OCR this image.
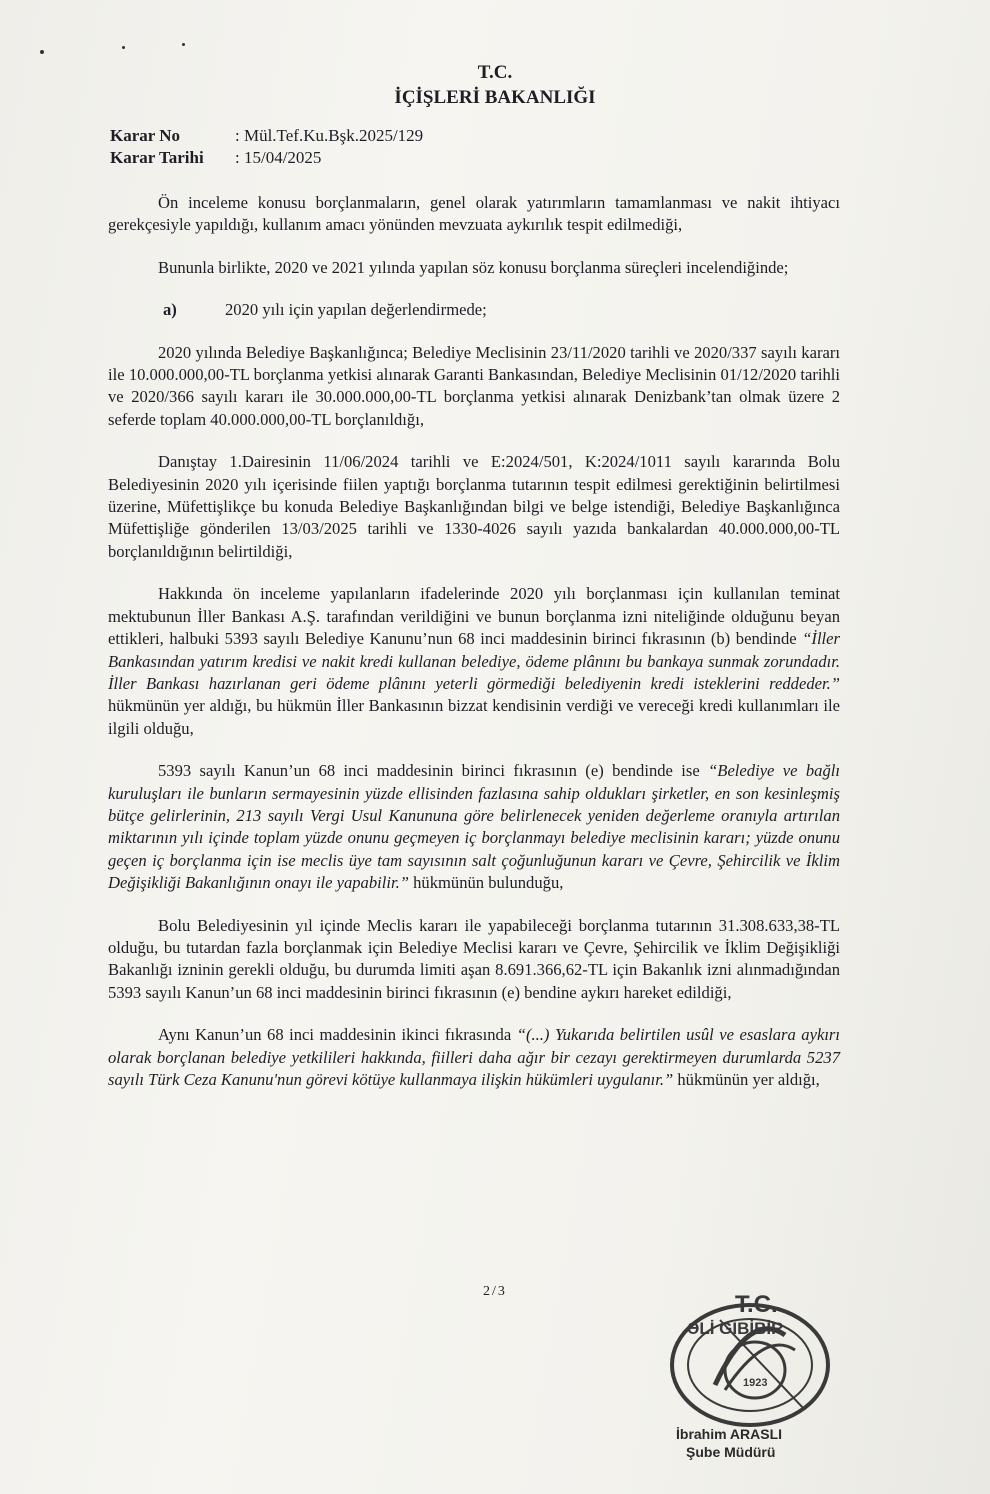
T.C.
İÇİŞLERİ BAKANLIĞI
Karar No	: Mül.Tef.Ku.Bşk.2025/129
Karar Tarihi	: 15/04/2025

Ön inceleme konusu borçlanmaların, genel olarak yatırımların tamamlanması ve nakit ihtiyacı gerekçesiyle yapıldığı, kullanım amacı yönünden mevzuata aykırılık tespit edilmediği,

Bununla birlikte, 2020 ve 2021 yılında yapılan söz konusu borçlanma süreçleri incelendiğinde;

a)	2020 yılı için yapılan değerlendirmede;

2020 yılında Belediye Başkanlığınca; Belediye Meclisinin 23/11/2020 tarihli ve 2020/337 sayılı kararı ile 10.000.000,00-TL borçlanma yetkisi alınarak Garanti Bankasından, Belediye Meclisinin 01/12/2020 tarihli ve 2020/366 sayılı kararı ile 30.000.000,00-TL borçlanma yetkisi alınarak Denizbank’tan olmak üzere 2 seferde toplam 40.000.000,00-TL borçlanıldığı,

Danıştay 1.Dairesinin 11/06/2024 tarihli ve E:2024/501, K:2024/1011 sayılı kararında Bolu Belediyesinin 2020 yılı içerisinde fiilen yaptığı borçlanma tutarının tespit edilmesi gerektiğinin belirtilmesi üzerine, Müfettişlikçe bu konuda Belediye Başkanlığından bilgi ve belge istendiği, Belediye Başkanlığınca Müfettişliğe gönderilen 13/03/2025 tarihli ve 1330-4026 sayılı yazıda bankalardan 40.000.000,00-TL borçlanıldığının belirtildiği,

Hakkında ön inceleme yapılanların ifadelerinde 2020 yılı borçlanması için kullanılan teminat mektubunun İller Bankası A.Ş. tarafından verildiğini ve bunun borçlanma izni niteliğinde olduğunu beyan ettikleri, halbuki 5393 sayılı Belediye Kanunu’nun 68 inci maddesinin birinci fıkrasının (b) bendinde “İller Bankasından yatırım kredisi ve nakit kredi kullanan belediye, ödeme plânını bu bankaya sunmak zorundadır. İller Bankası hazırlanan geri ödeme plânını yeterli görmediği belediyenin kredi isteklerini reddeder.” hükmünün yer aldığı, bu hükmün İller Bankasının bizzat kendisinin verdiği ve vereceği kredi kullanımları ile ilgili olduğu,

5393 sayılı Kanun’un 68 inci maddesinin birinci fıkrasının (e) bendinde ise “Belediye ve bağlı kuruluşları ile bunların sermayesinin yüzde ellisinden fazlasına sahip oldukları şirketler, en son kesinleşmiş bütçe gelirlerinin, 213 sayılı Vergi Usul Kanununa göre belirlenecek yeniden değerleme oranıyla artırılan miktarının yılı içinde toplam yüzde onunu geçmeyen iç borçlanmayı belediye meclisinin kararı; yüzde onunu geçen iç borçlanma için ise meclis üye tam sayısının salt çoğunluğunun kararı ve Çevre, Şehircilik ve İklim Değişikliği Bakanlığının onayı ile yapabilir.” hükmünün bulunduğu,

Bolu Belediyesinin yıl içinde Meclis kararı ile yapabileceği borçlanma tutarının 31.308.633,38-TL olduğu, bu tutardan fazla borçlanmak için Belediye Meclisi kararı ve Çevre, Şehircilik ve İklim Değişikliği Bakanlığı izninin gerekli olduğu, bu durumda limiti aşan 8.691.366,62-TL için Bakanlık izni alınmadığından 5393 sayılı Kanun’un 68 inci maddesinin birinci fıkrasının (e) bendine aykırı hareket edildiği,

Aynı Kanun’un 68 inci maddesinin ikinci fıkrasında “(...) Yukarıda belirtilen usûl ve esaslara aykırı olarak borçlanan belediye yetkilileri hakkında, fiilleri daha ağır bir cezayı gerektirmeyen durumlarda 5237 sayılı Türk Ceza Kanunu'nun görevi kötüye kullanmaya ilişkin hükümleri uygulanır.” hükmünün yer aldığı,

2/3	T.C.
ƏLİ GİBİBİR
1923
İbrahim ARASLI
Şube Müdürü
